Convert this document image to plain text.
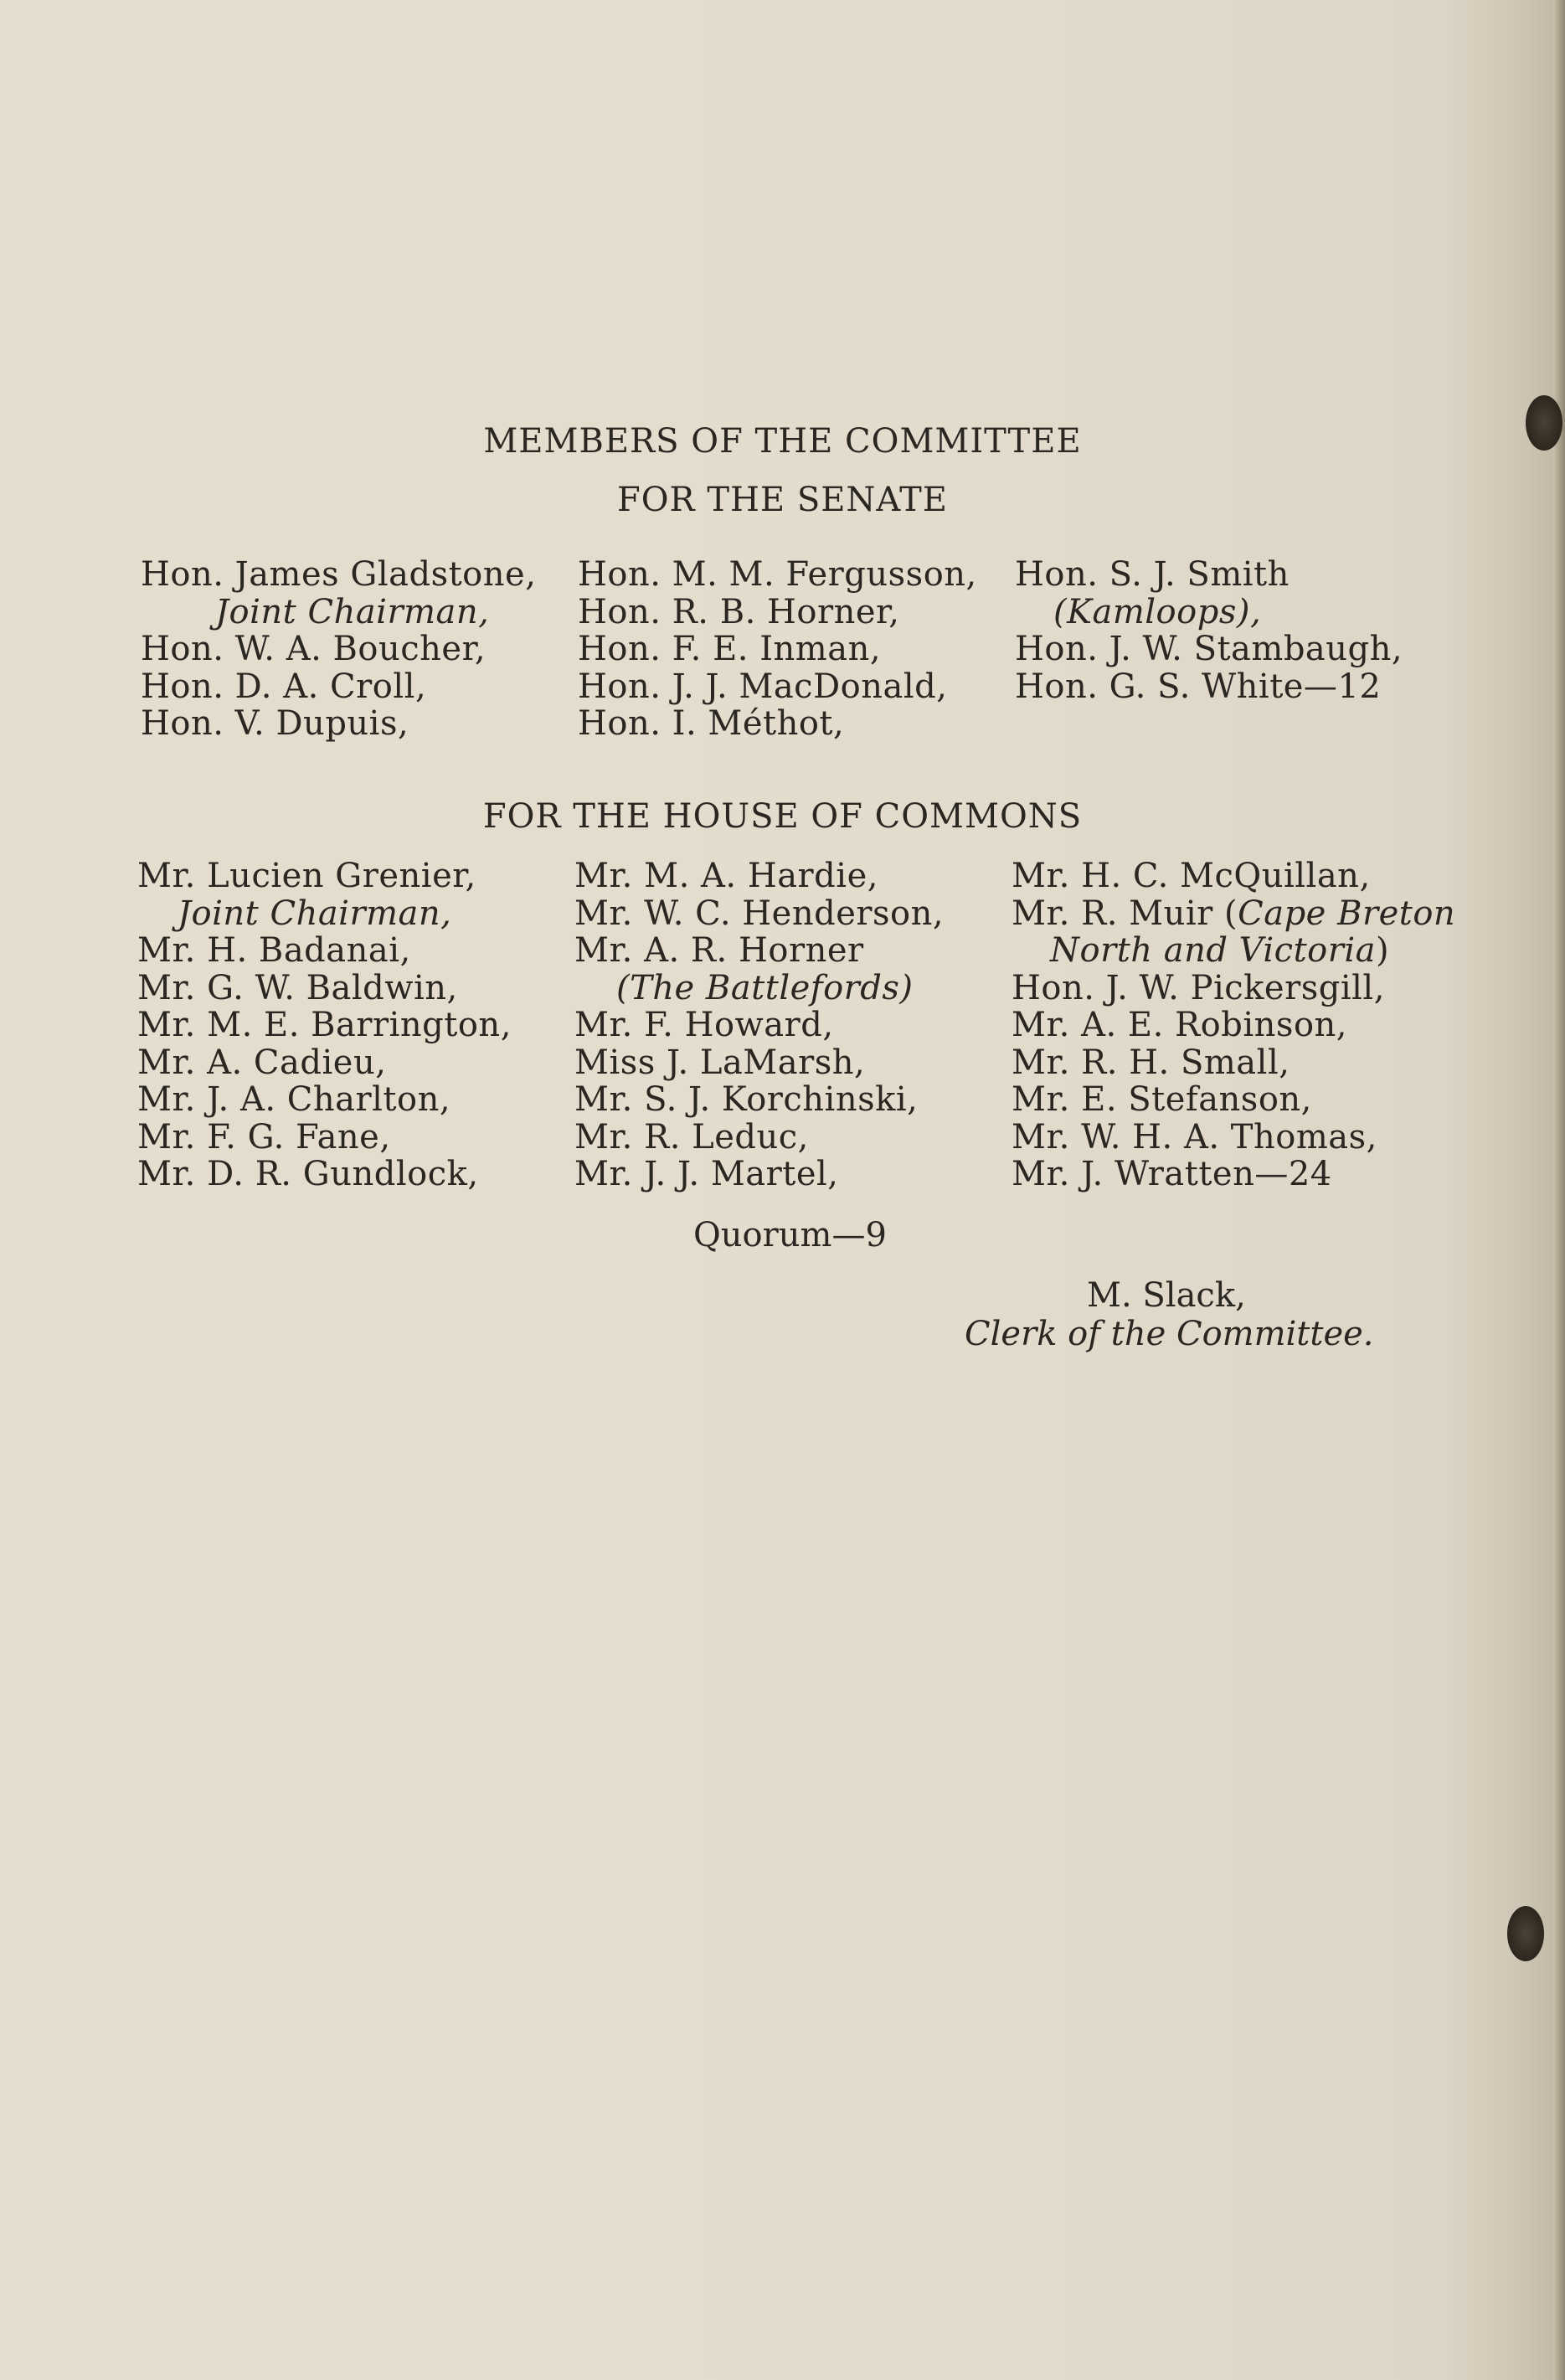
MEMBERS OF THE COMMITTEE
FOR THE SENATE
Hon. James Gladstone,
Joint Chairman,
Hon. W. A. Boucher,
Hon. D. A. Croll,
Hon. V. Dupuis,
Hon. M. M. Fergusson,
Hon. R. B. Horner,
Hon. F. E. Inman,
Hon. J. J. MacDonald,
Hon. I. Méthot,
Hon. S. J. Smith
(Kamloops),
Hon. J. W. Stambaugh,
Hon. G. S. White—12
FOR THE HOUSE OF COMMONS
Mr. Lucien Grenier,
Joint Chairman,
Mr. H. Badanai,
Mr. G. W. Baldwin,
Mr. M. E. Barrington,
Mr. A. Cadieu,
Mr. J. A. Charlton,
Mr. F. G. Fane,
Mr. D. R. Gundlock,
Mr. M. A. Hardie,
Mr. W. C. Henderson,
Mr. A. R. Horner
(The Battlefords)
Mr. F. Howard,
Miss J. LaMarsh,
Mr. S. J. Korchinski,
Mr. R. Leduc,
Mr. J. J. Martel,
Mr. H. C. McQuillan,
Mr. R. Muir (Cape Breton
North and Victoria)
Hon. J. W. Pickersgill,
Mr. A. E. Robinson,
Mr. R. H. Small,
Mr. E. Stefanson,
Mr. W. H. A. Thomas,
Mr. J. Wratten—24
Quorum—9
M. Slack,
Clerk of the Committee.
